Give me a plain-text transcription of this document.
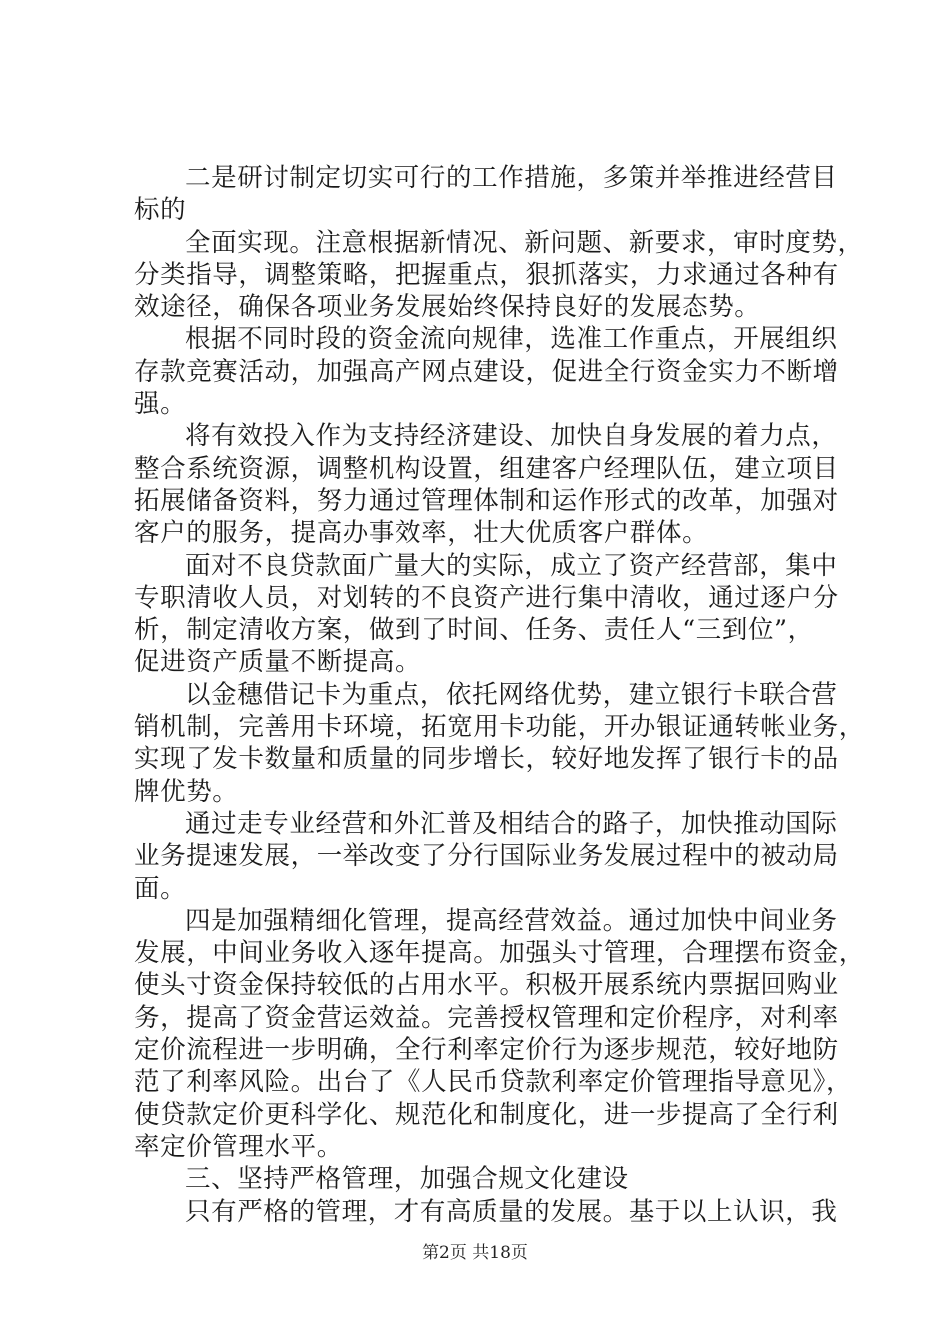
二是研讨制定切实可行的工作措施，多策并举推进经营目
标的
全面实现。注意根据新情况、新问题、新要求，审时度势，
分类指导，调整策略，把握重点，狠抓落实，力求通过各种有
效途径，确保各项业务发展始终保持良好的发展态势。
根据不同时段的资金流向规律，选准工作重点，开展组织
存款竞赛活动，加强高产网点建设，促进全行资金实力不断增
强。
将有效投入作为支持经济建设、加快自身发展的着力点，
整合系统资源，调整机构设置，组建客户经理队伍，建立项目
拓展储备资料，努力通过管理体制和运作形式的改革，加强对
客户的服务，提高办事效率，壮大优质客户群体。
面对不良贷款面广量大的实际，成立了资产经营部，集中
专职清收人员，对划转的不良资产进行集中清收，通过逐户分
析，制定清收方案，做到了时间、任务、责任人“三到位”，
促进资产质量不断提高。
以金穗借记卡为重点，依托网络优势，建立银行卡联合营
销机制，完善用卡环境，拓宽用卡功能，开办银证通转帐业务，
实现了发卡数量和质量的同步增长，较好地发挥了银行卡的品
牌优势。
通过走专业经营和外汇普及相结合的路子，加快推动国际
业务提速发展，一举改变了分行国际业务发展过程中的被动局
面。
四是加强精细化管理，提高经营效益。通过加快中间业务
发展，中间业务收入逐年提高。加强头寸管理，合理摆布资金，
使头寸资金保持较低的占用水平。积极开展系统内票据回购业
务，提高了资金营运效益。完善授权管理和定价程序，对利率
定价流程进一步明确，全行利率定价行为逐步规范，较好地防
范了利率风险。出台了《人民币贷款利率定价管理指导意见》，
使贷款定价更科学化、规范化和制度化，进一步提高了全行利
率定价管理水平。
三、坚持严格管理，加强合规文化建设
只有严格的管理，才有高质量的发展。基于以上认识，我
第2页 共18页
